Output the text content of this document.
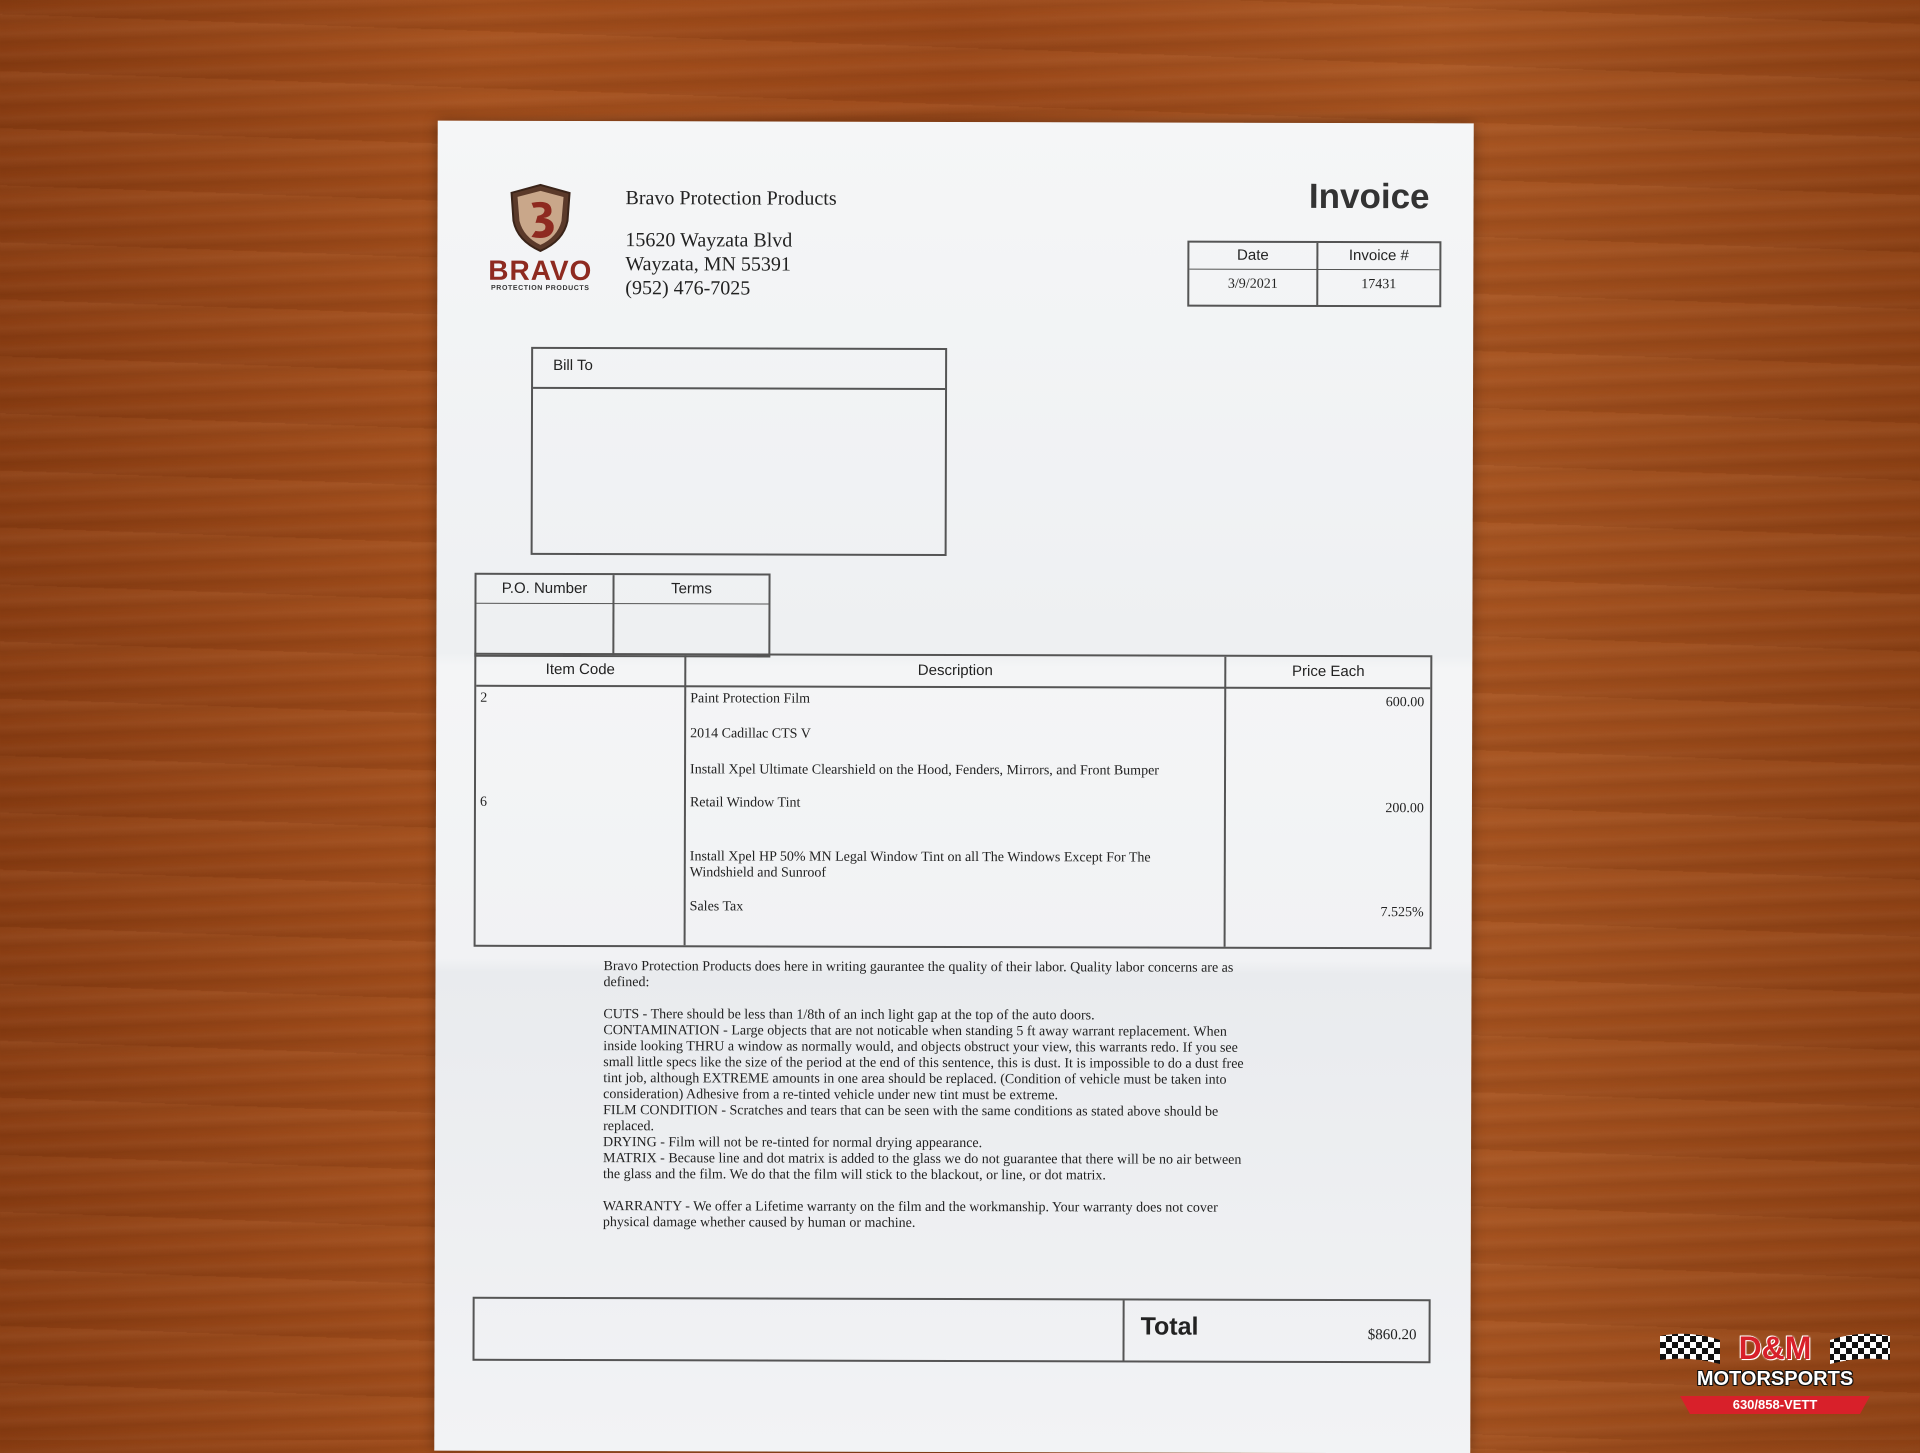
BRAVO
PROTECTION PRODUCTS
Bravo Protection Products
15620 Wayzata Blvd
Wayzata, MN 55391
(952) 476-7025
Invoice
Date	Invoice #
3/9/2021	17431
Bill To
P.O. Number	Terms
Item Code	Description	Price Each
2	Paint Protection Film	600.00
2014 Cadillac CTS V
Install Xpel Ultimate Clearshield on the Hood, Fenders, Mirrors, and Front Bumper
6	Retail Window Tint	200.00
Install Xpel HP 50% MN Legal Window Tint on all The Windows Except For The
Windshield and Sunroof
Sales Tax	7.525%
Bravo Protection Products does here in writing gaurantee the quality of their labor. Quality labor concerns are as
defined:
CUTS - There should be less than 1/8th of an inch light gap at the top of the auto doors.
CONTAMINATION - Large objects that are not noticable when standing 5 ft away warrant replacement. When
inside looking THRU a window as normally would, and objects obstruct your view, this warrants redo. If you see
small little specs like the size of the period at the end of this sentence, this is dust. It is impossible to do a dust free
tint job, although EXTREME amounts in one area should be replaced. (Condition of vehicle must be taken into
consideration) Adhesive from a re-tinted vehicle under new tint must be extreme.
FILM CONDITION - Scratches and tears that can be seen with the same conditions as stated above should be
replaced.
DRYING - Film will not be re-tinted for normal drying appearance.
MATRIX - Because line and dot matrix is added to the glass we do not guarantee that there will be no air between
the glass and the film. We do that the film will stick to the blackout, or line, or dot matrix.
WARRANTY - We offer a Lifetime warranty on the film and the workmanship. Your warranty does not cover
physical damage whether caused by human or machine.
Total	$860.20	D&M
MOTORSPORTS
630/858-VETT
